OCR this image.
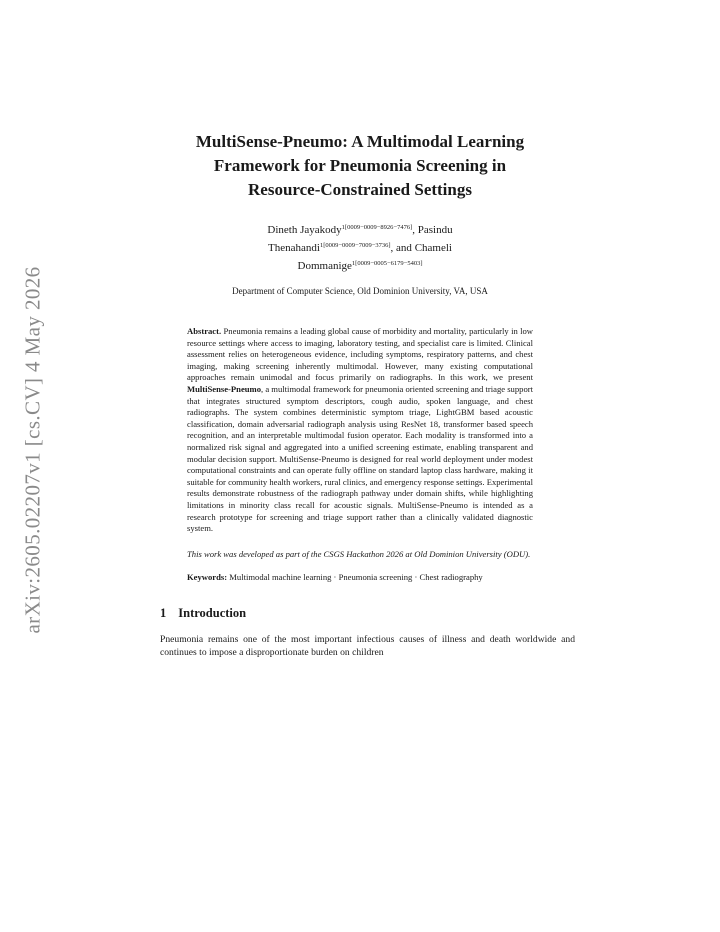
arXiv:2605.02207v1 [cs.CV] 4 May 2026
MultiSense-Pneumo: A Multimodal Learning
Framework for Pneumonia Screening in
Resource-Constrained Settings
Dineth Jayakody$^{1[0009-0009-8926-7476]}$, Pasindu Thenahandi$^{1[0009-0009-7009-3736]}$, and Chameli Dommanige$^{1[0009-0005-6179-5403]}$
Department of Computer Science, Old Dominion University, VA, USA
Abstract. Pneumonia remains a leading global cause of morbidity and mortality, particularly in low resource settings where access to imaging, laboratory testing, and specialist care is limited. Clinical assessment relies on heterogeneous evidence, including symptoms, respiratory patterns, and chest imaging, making screening inherently multimodal. However, many existing computational approaches remain unimodal and focus primarily on radiographs. In this work, we present MultiSense-Pneumo, a multimodal framework for pneumonia oriented screening and triage support that integrates structured symptom descriptors, cough audio, spoken language, and chest radiographs. The system combines deterministic symptom triage, LightGBM based acoustic classification, domain adversarial radiograph analysis using ResNet 18, transformer based speech recognition, and an interpretable multimodal fusion operator. Each modality is transformed into a normalized risk signal and aggregated into a unified screening estimate, enabling transparent and modular decision support. MultiSense-Pneumo is designed for real world deployment under modest computational constraints and can operate fully offline on standard laptop class hardware, making it suitable for community health workers, rural clinics, and emergency response settings. Experimental results demonstrate robustness of the radiograph pathway under domain shifts, while highlighting limitations in minority class recall for acoustic signals. MultiSense-Pneumo is intended as a research prototype for screening and triage support rather than a clinically validated diagnostic system.
This work was developed as part of the CSGS Hackathon 2026 at Old Dominion University (ODU).
Keywords: Multimodal machine learning · Pneumonia screening · Chest radiography
1 Introduction
Pneumonia remains one of the most important infectious causes of illness and death worldwide and continues to impose a disproportionate burden on children
